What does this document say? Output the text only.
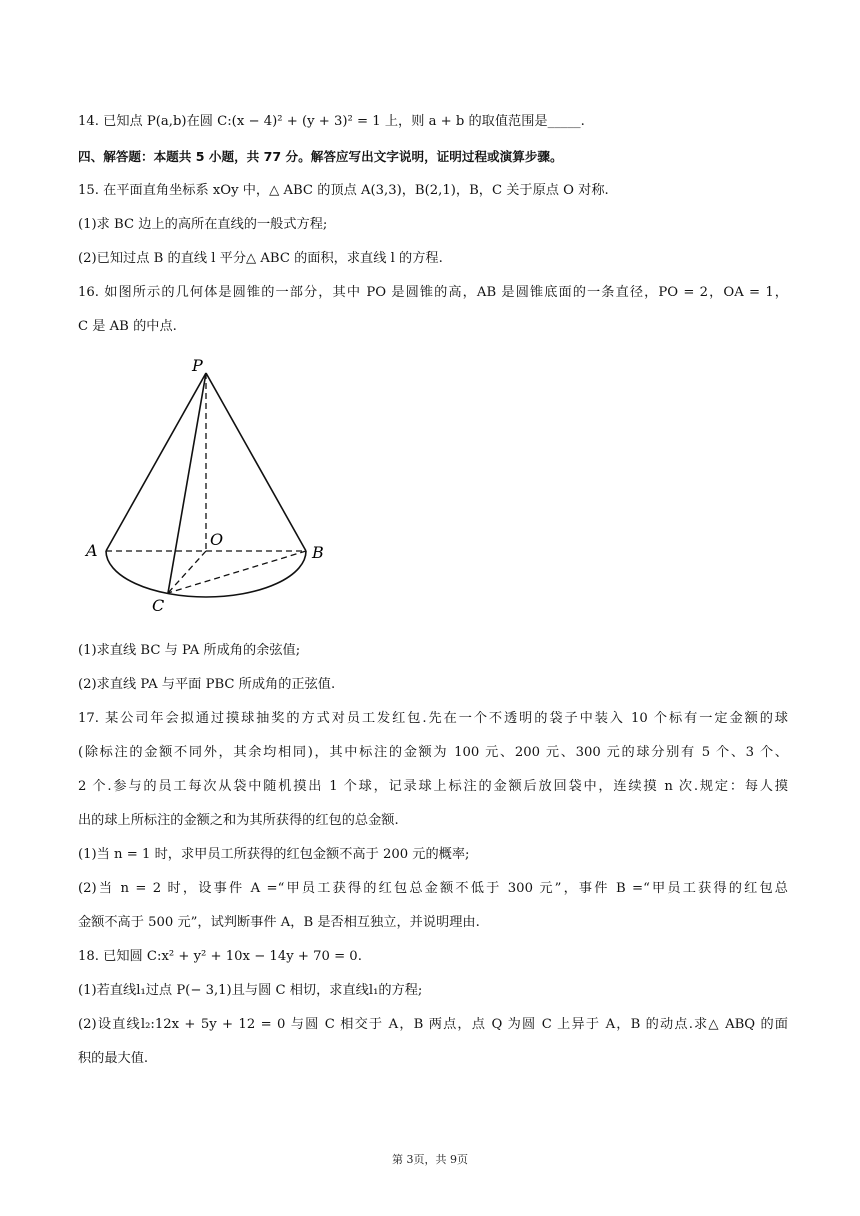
14. 已知点 P(a,b)在圆 C:(x − 4)² + (y + 3)² = 1 上，则 a + b 的取值范围是_____.
四、解答题：本题共 5 小题，共 77 分。解答应写出文字说明，证明过程或演算步骤。
15. 在平面直角坐标系 xOy 中，△ ABC 的顶点 A(3,3)，B(2,1)，B，C 关于原点 O 对称.
(1)求 BC 边上的高所在直线的一般式方程;
(2)已知过点 B 的直线 l 平分△ ABC 的面积，求直线 l 的方程.
16. 如图所示的几何体是圆锥的一部分，其中 PO 是圆锥的高，AB 是圆锥底面的一条直径，PO = 2，OA = 1，
C 是 AB 的中点.
P
O
A	B
C
(1)求直线 BC 与 PA 所成角的余弦值;
(2)求直线 PA 与平面 PBC 所成角的正弦值.
17. 某公司年会拟通过摸球抽奖的方式对员工发红包.先在一个不透明的袋子中装入 10 个标有一定金额的球
(除标注的金额不同外，其余均相同)，其中标注的金额为 100 元、200 元、300 元的球分别有 5 个、3 个、
2 个.参与的员工每次从袋中随机摸出 1 个球，记录球上标注的金额后放回袋中，连续摸 n 次.规定：每人摸
出的球上所标注的金额之和为其所获得的红包的总金额.
(1)当 n = 1 时，求甲员工所获得的红包金额不高于 200 元的概率;
(2)当 n = 2 时，设事件 A =“甲员工获得的红包总金额不低于 300 元”，事件 B =“甲员工获得的红包总
金额不高于 500 元”，试判断事件 A，B 是否相互独立，并说明理由.
18. 已知圆 C:x² + y² + 10x − 14y + 70 = 0.
(1)若直线l₁过点 P(− 3,1)且与圆 C 相切，求直线l₁的方程;
(2)设直线l₂:12x + 5y + 12 = 0 与圆 C 相交于 A，B 两点，点 Q 为圆 C 上异于 A，B 的动点.求△ ABQ 的面
积的最大值.
第 3页，共 9页
